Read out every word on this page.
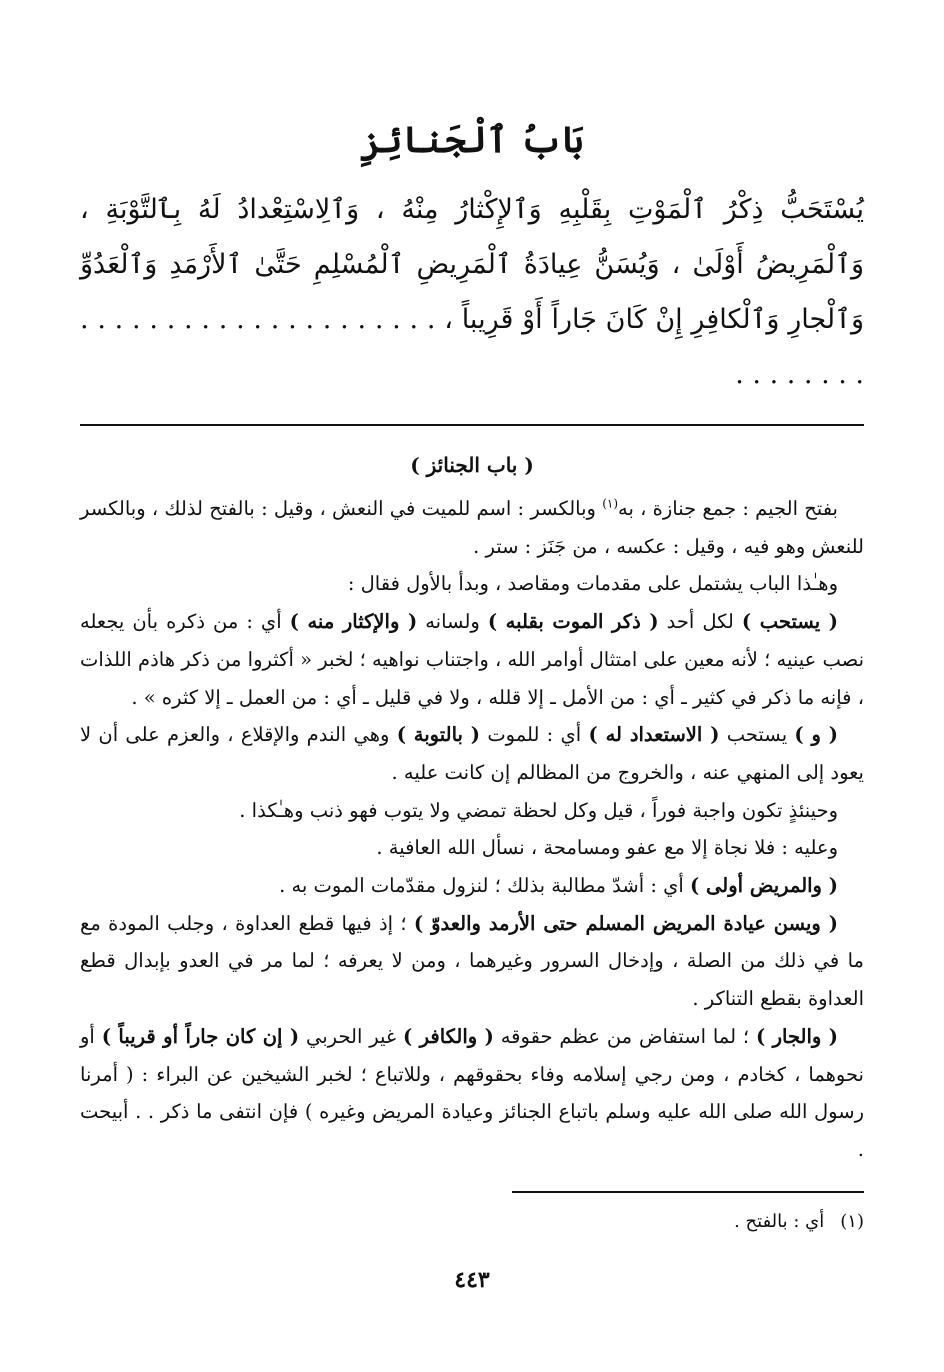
بَابُ ٱلْجَنائِزِ

يُسْتَحَبُّ ذِكْرُ ٱلْمَوْتِ بِقَلْبِهِ وَٱلإِكْثارُ مِنْهُ ، وَٱلِاسْتِعْدادُ لَهُ بِٱلتَّوْبَةِ ، وَٱلْمَرِيضُ أَوْلَىٰ ، وَيُسَنُّ عِيادَةُ ٱلْمَرِيضِ ٱلْمُسْلِمِ حَتَّىٰ ٱلأَرْمَدِ وَٱلْعَدُوِّ وَٱلْجارِ وَٱلْكافِرِ إِنْ كَانَ جَاراً أَوْ قَرِيباً ، . . . . . . . . . . . . . . . . . . . . . . . . . . . . .

( باب الجنائز )

بفتح الجيم : جمع جنازة ، به$^{(١)}$ وبالكسر : اسم للميت في النعش ، وقيل : بالفتح لذلك ، وبالكسر للنعش وهو فيه ، وقيل : عكسه ، من جَنَز : ستر .

وهـٰذا الباب يشتمل على مقدمات ومقاصد ، وبدأ بالأول فقال :

( يستحب ) لكل أحد ( ذكر الموت بقلبه ) ولسانه ( والإكثار منه ) أي : من ذكره بأن يجعله نصب عينيه ؛ لأنه معين على امتثال أوامر الله ، واجتناب نواهيه ؛ لخبر « أكثروا من ذكر هاذم اللذات ، فإنه ما ذكر في كثير ـ أي : من الأمل ـ إلا قلله ، ولا في قليل ـ أي : من العمل ـ إلا كثره » .

( و ) يستحب ( الاستعداد له ) أي : للموت ( بالتوبة ) وهي الندم والإقلاع ، والعزم على أن لا يعود إلى المنهي عنه ، والخروج من المظالم إن كانت عليه .

وحينئذٍ تكون واجبة فوراً ، قيل وكل لحظة تمضي ولا يتوب فهو ذنب وهـٰكذا .

وعليه : فلا نجاة إلا مع عفو ومسامحة ، نسأل الله العافية .

( والمريض أولى ) أي : أشدّ مطالبة بذلك ؛ لنزول مقدّمات الموت به .

( ويسن عيادة المريض المسلم حتى الأرمد والعدوّ ) ؛ إذ فيها قطع العداوة ، وجلب المودة مع ما في ذلك من الصلة ، وإدخال السرور وغيرهما ، ومن لا يعرفه ؛ لما مر في العدو بإبدال قطع العداوة بقطع التناكر .

( والجار ) ؛ لما استفاض من عظم حقوقه ( والكافر ) غير الحربي ( إن كان جاراً أو قريباً ) أو نحوهما ، كخادم ، ومن رجي إسلامه وفاء بحقوقهم ، وللاتباع ؛ لخبر الشيخين عن البراء : ( أمرنا رسول الله صلى الله عليه وسلم باتباع الجنائز وعيادة المريض وغيره ) فإن انتفى ما ذكر . . أبيحت .

(١)أي : بالفتح .
٤٤٣
